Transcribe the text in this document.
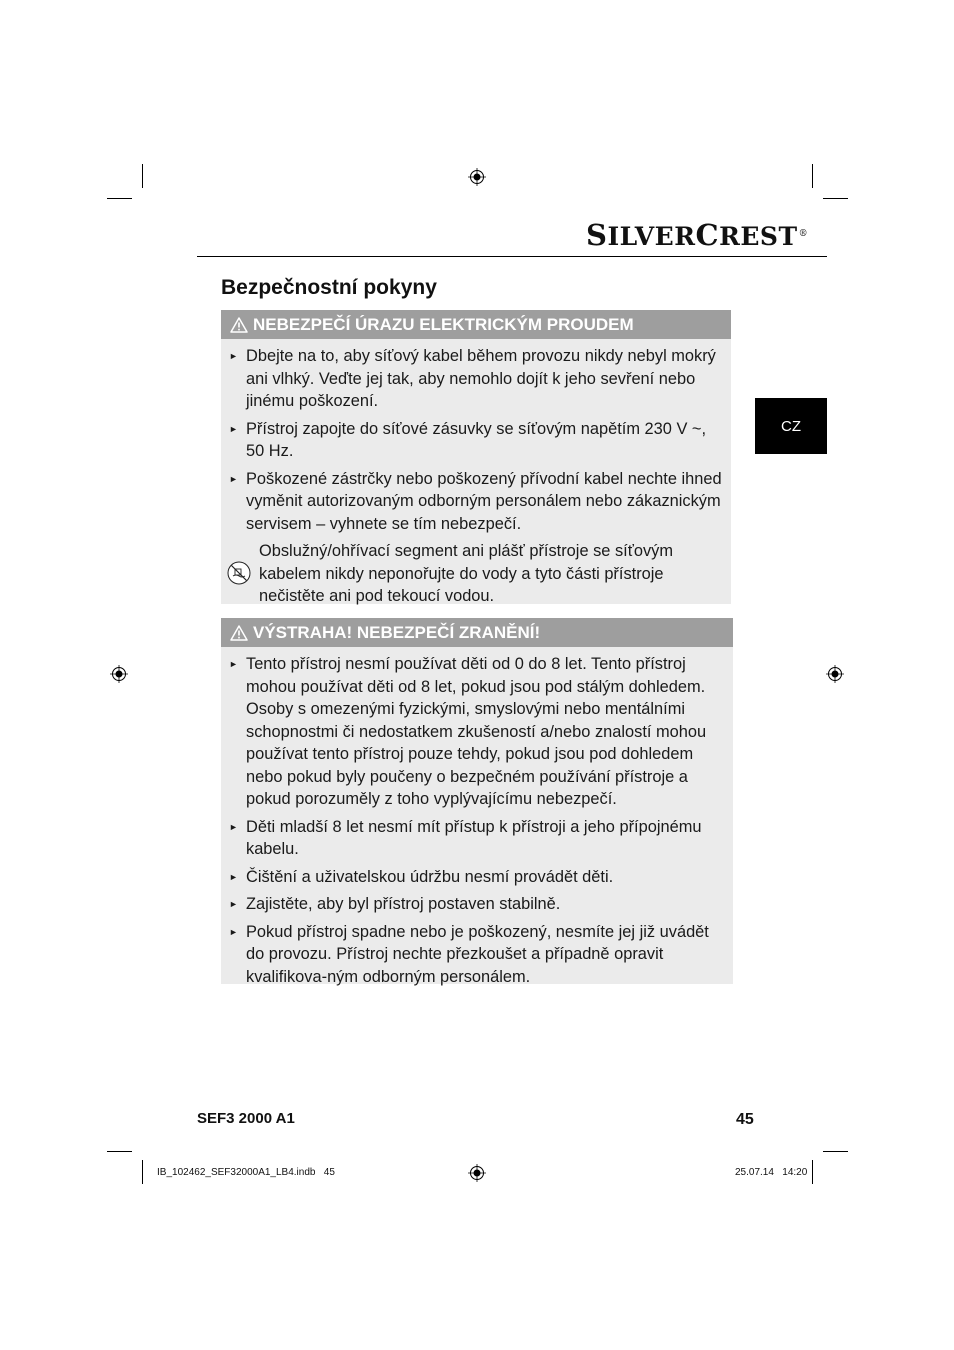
SILVERCREST®
Bezpečnostní pokyny
CZ
NEBEZPEČÍ ÚRAZU ELEKTRICKÝM PROUDEM
► Dbejte na to, aby síťový kabel během provozu nikdy nebyl mokrý ani vlhký. Veďte jej tak, aby nemohlo dojít k jeho sevření nebo jinému poškození.
► Přístroj zapojte do síťové zásuvky se síťovým napětím 230 V ~, 50 Hz.
► Poškozené zástrčky nebo poškozený přívodní kabel nechte ihned vyměnit autorizovaným odborným personálem nebo zákaznickým servisem – vyhnete se tím nebezpečí.
Obslužný/ohřívací segment ani plášť přístroje se síťovým kabelem nikdy neponořujte do vody a tyto části přístroje nečistěte ani pod tekoucí vodou.
VÝSTRAHA! NEBEZPEČÍ ZRANĚNÍ!
► Tento přístroj nesmí používat děti od 0 do 8 let. Tento přístroj mohou používat děti od 8 let, pokud jsou pod stálým dohledem. Osoby s omezenými fyzickými, smyslovými nebo mentálními schopnostmi či nedostatkem zkušeností a/nebo znalostí mohou používat tento přístroj pouze tehdy, pokud jsou pod dohledem nebo pokud byly poučeny o bezpečném používání přístroje a pokud porozuměly z toho vyplývajícímu nebezpečí.
► Děti mladší 8 let nesmí mít přístup k přístroji a jeho přípojnému kabelu.
► Čištění a uživatelskou údržbu nesmí provádět děti.
► Zajistěte, aby byl přístroj postaven stabilně.
► Pokud přístroj spadne nebo je poškozený, nesmíte jej již uvádět do provozu. Přístroj nechte přezkoušet a případně opravit kvalifikova-ným odborným personálem.
SEF3 2000 A1	45
IB_102462_SEF32000A1_LB4.indb   45	25.07.14   14:20
